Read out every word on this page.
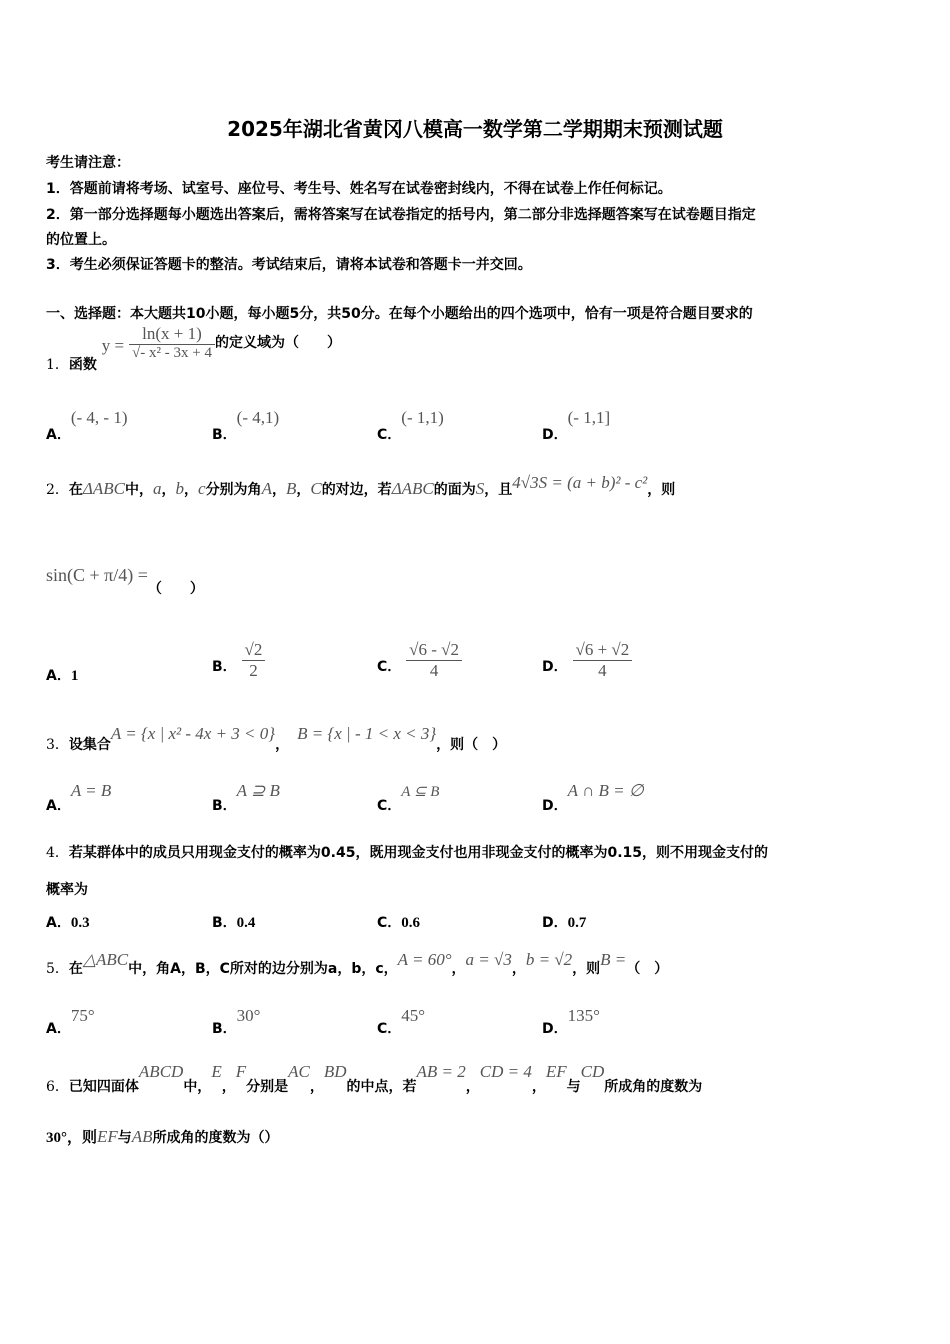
2025年湖北省黄冈八模高一数学第二学期期末预测试题
考生请注意：
1．答题前请将考场、试室号、座位号、考生号、姓名写在试卷密封线内，不得在试卷上作任何标记。
2．第一部分选择题每小题选出答案后，需将答案写在试卷指定的括号内，第二部分非选择题答案写在试卷题目指定
的位置上。
3．考生必须保证答题卡的整洁。考试结束后，请将本试卷和答题卡一并交回。
一、选择题：本大题共10小题，每小题5分，共50分。在每个小题给出的四个选项中，恰有一项是符合题目要求的
1．函数 $y = \frac{\ln(x + 1)}{\text{√- x² - 3x + 4}}$ 的定义域为（　　）
A．(- 4, - 1)
B．(- 4,1)
C．(- 1,1)
D．(- 1,1]
2．在ΔABC中，a，b，c分别为角A，B，C的对边，若ΔABC的面为S，且4√3S = (a + b)² - c²，则
sin(C + π/4) =（　　）
A．1
B． $\frac{√2}{2}$	C． $\frac{√6 - √2}{4}$	D． $\frac{√6 + √2}{4}$
3．设集合A = {x | x² - 4x + 3 < 0}，B = {x | - 1 < x < 3}，则（　）
A．A = B
B．A ⊇ B
C．A ⊆ B
D．A ∩ B = ∅
4．若某群体中的成员只用现金支付的概率为0.45，既用现金支付也用非现金支付的概率为0.15，则不用现金支付的
概率为
A．0.3	B．0.4	C．0.6	D．0.7
5．在△ABC中，角A，B，C所对的边分别为a，b，c，A = 60°，a = √3，b = √2，则B =（　）
A．75°
B．30°
C．45°
D．135°
6．已知四面体ABCD中，E，F分别是AC，BD的中点，若AB = 2，CD = 4，EF与CD所成角的度数为
30°，则EF与AB所成角的度数为（）
